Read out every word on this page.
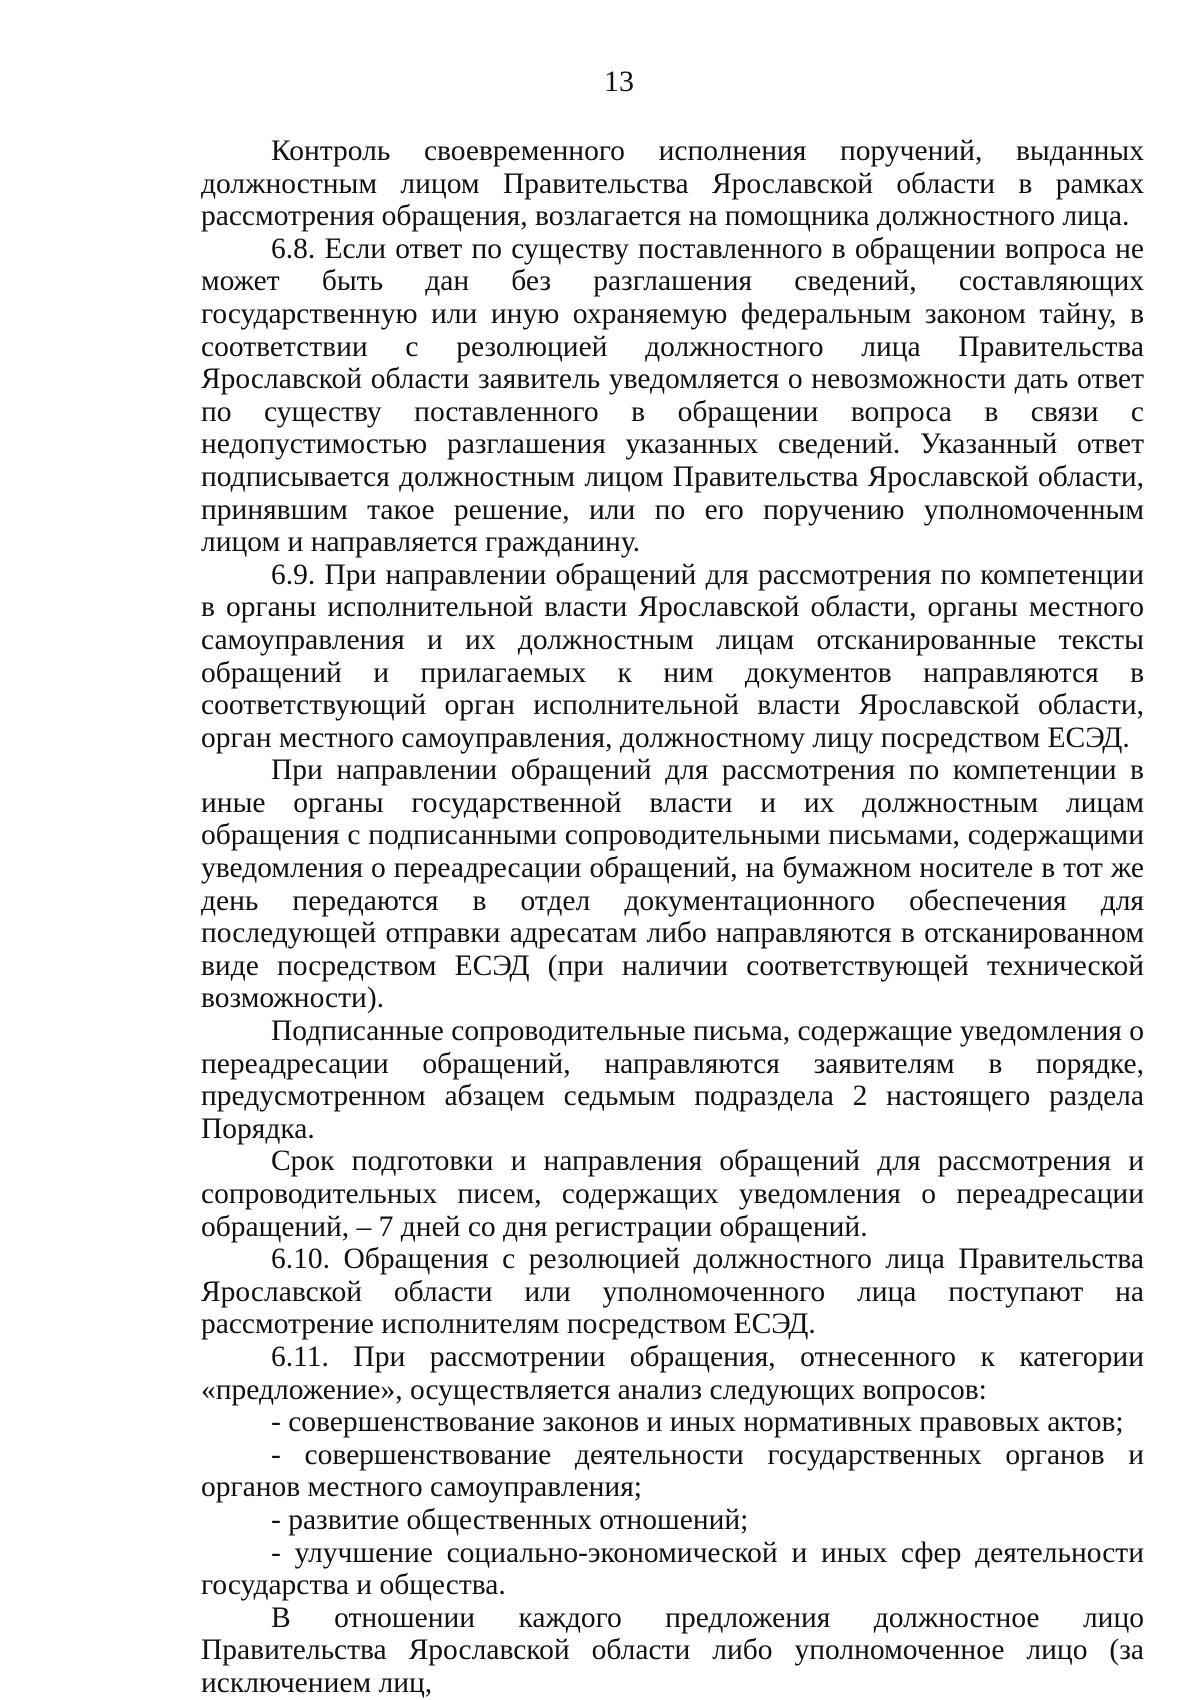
13

Контроль своевременного исполнения поручений, выданных должностным лицом Правительства Ярославской области в рамках рассмотрения обращения, возлагается на помощника должностного лица.

6.8. Если ответ по существу поставленного в обращении вопроса не может быть дан без разглашения сведений, составляющих государственную или иную охраняемую федеральным законом тайну, в соответствии с резолюцией должностного лица Правительства Ярославской области заявитель уведомляется о невозможности дать ответ по существу поставленного в обращении вопроса в связи с недопустимостью разглашения указанных сведений. Указанный ответ подписывается должностным лицом Правительства Ярославской области, принявшим такое решение, или по его поручению уполномоченным лицом и направляется гражданину.

6.9. При направлении обращений для рассмотрения по компетенции в органы исполнительной власти Ярославской области, органы местного самоуправления и их должностным лицам отсканированные тексты обращений и прилагаемых к ним документов направляются в соответствующий орган исполнительной власти Ярославской области, орган местного самоуправления, должностному лицу посредством ЕСЭД.

При направлении обращений для рассмотрения по компетенции в иные органы государственной власти и их должностным лицам обращения с подписанными сопроводительными письмами, содержащими уведомления о переадресации обращений, на бумажном носителе в тот же день передаются в отдел документационного обеспечения для последующей отправки адресатам либо направляются в отсканированном виде посредством ЕСЭД (при наличии соответствующей технической возможности).

Подписанные сопроводительные письма, содержащие уведомления о переадресации обращений, направляются заявителям в порядке, предусмотренном абзацем седьмым подраздела 2 настоящего раздела Порядка.

Срок подготовки и направления обращений для рассмотрения и сопроводительных писем, содержащих уведомления о переадресации обращений, – 7 дней со дня регистрации обращений.

6.10. Обращения с резолюцией должностного лица Правительства Ярославской области или уполномоченного лица поступают на рассмотрение исполнителям посредством ЕСЭД.

6.11. При рассмотрении обращения, отнесенного к категории «предложение», осуществляется анализ следующих вопросов:

- совершенствование законов и иных нормативных правовых актов;

- совершенствование деятельности государственных органов и органов местного самоуправления;

- развитие общественных отношений;

- улучшение социально-экономической и иных сфер деятельности государства и общества.

В отношении каждого предложения должностное лицо Правительства Ярославской области либо уполномоченное лицо (за исключением лиц,
